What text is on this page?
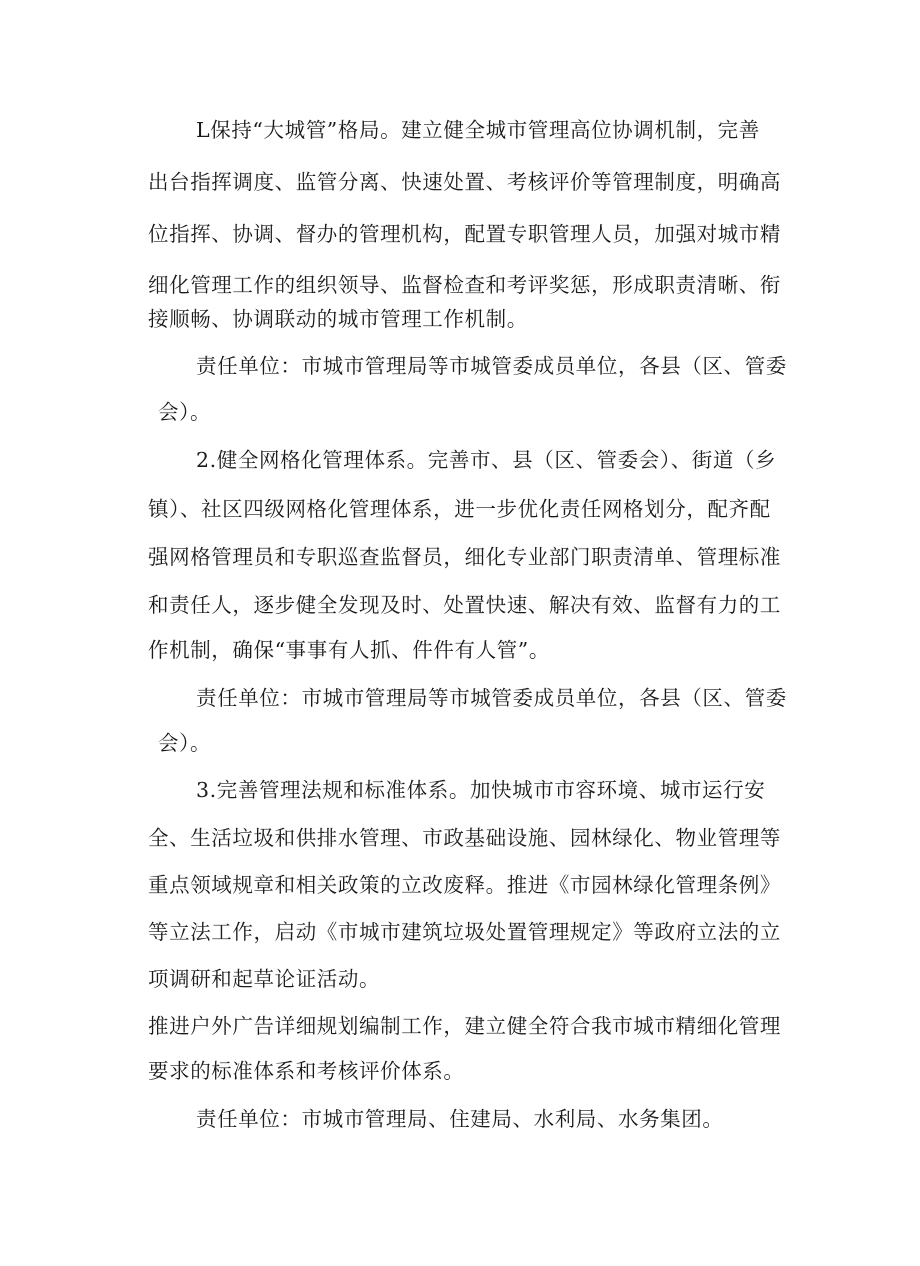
L保持“大城管”格局。建立健全城市管理高位协调机制，完善
出台指挥调度、监管分离、快速处置、考核评价等管理制度，明确高
位指挥、协调、督办的管理机构，配置专职管理人员，加强对城市精
细化管理工作的组织领导、监督检查和考评奖惩，形成职责清晰、衔
接顺畅、协调联动的城市管理工作机制。
责任单位：市城市管理局等市城管委成员单位，各县（区、管委
会）。
2.健全网格化管理体系。完善市、县（区、管委会）、街道（乡
镇）、社区四级网格化管理体系，进一步优化责任网格划分，配齐配
强网格管理员和专职巡查监督员，细化专业部门职责清单、管理标准
和责任人，逐步健全发现及时、处置快速、解决有效、监督有力的工
作机制，确保“事事有人抓、件件有人管”。
责任单位：市城市管理局等市城管委成员单位，各县（区、管委
会）。
3.完善管理法规和标准体系。加快城市市容环境、城市运行安
全、生活垃圾和供排水管理、市政基础设施、园林绿化、物业管理等
重点领域规章和相关政策的立改废释。推进《市园林绿化管理条例》
等立法工作，启动《市城市建筑垃圾处置管理规定》等政府立法的立
项调研和起草论证活动。
推进户外广告详细规划编制工作，建立健全符合我市城市精细化管理
要求的标准体系和考核评价体系。
责任单位：市城市管理局、住建局、水利局、水务集团。
